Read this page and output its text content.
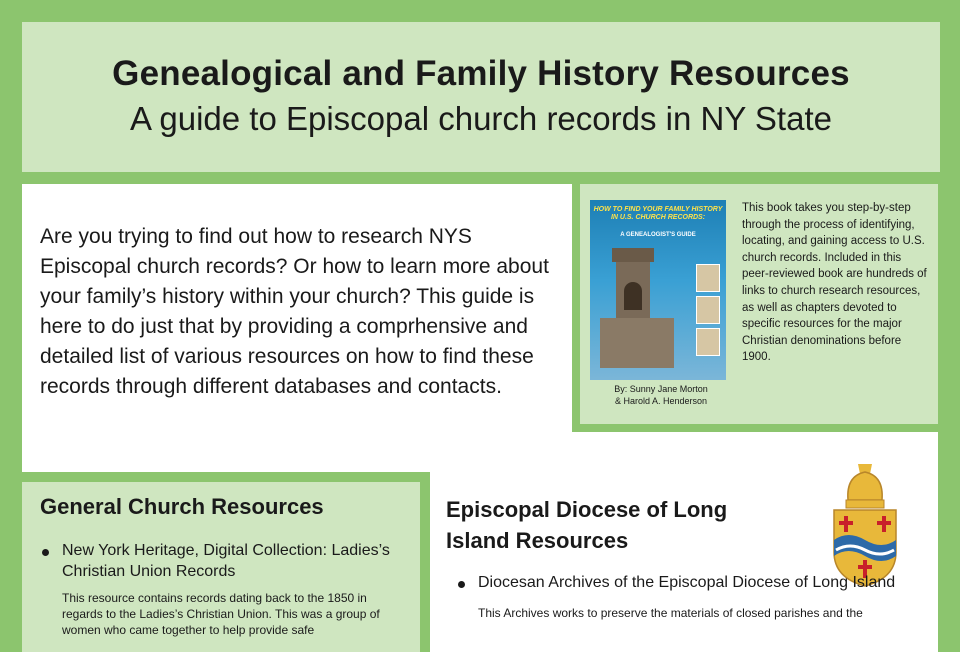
Genealogical and Family History Resources
A guide to Episcopal church records in NY State

Are you trying to find out how to research NYS Episcopal church records? Or how to learn more about your family’s history within your church? This guide is here to do just that by providing a comprhensive and detailed list of various resources on how to find these records through different databases and contacts.

HOW TO FIND YOUR FAMILY HISTORY IN U.S. CHURCH RECORDS:
A GENEALOGIST'S GUIDE
By: Sunny Jane Morton
& Harold A. Henderson
This book takes you step-by-step through the process of identifying, locating, and gaining access to U.S. church records. Included in this peer-reviewed book are hundreds of links to church research resources, as well as chapters devoted to specific resources for the major Christian denominations before 1900.
General Church Resources
New York Heritage, Digital Collection: Ladies’s Christian Union Records
This resource contains records dating back to the 1850 in regards to the Ladies’s Christian Union. This was a group of women who came together to help provide safe
Episcopal Diocese of Long Island Resources
Diocesan Archives of the Episcopal Diocese of Long Island
This Archives works to preserve the materials of closed parishes and the
